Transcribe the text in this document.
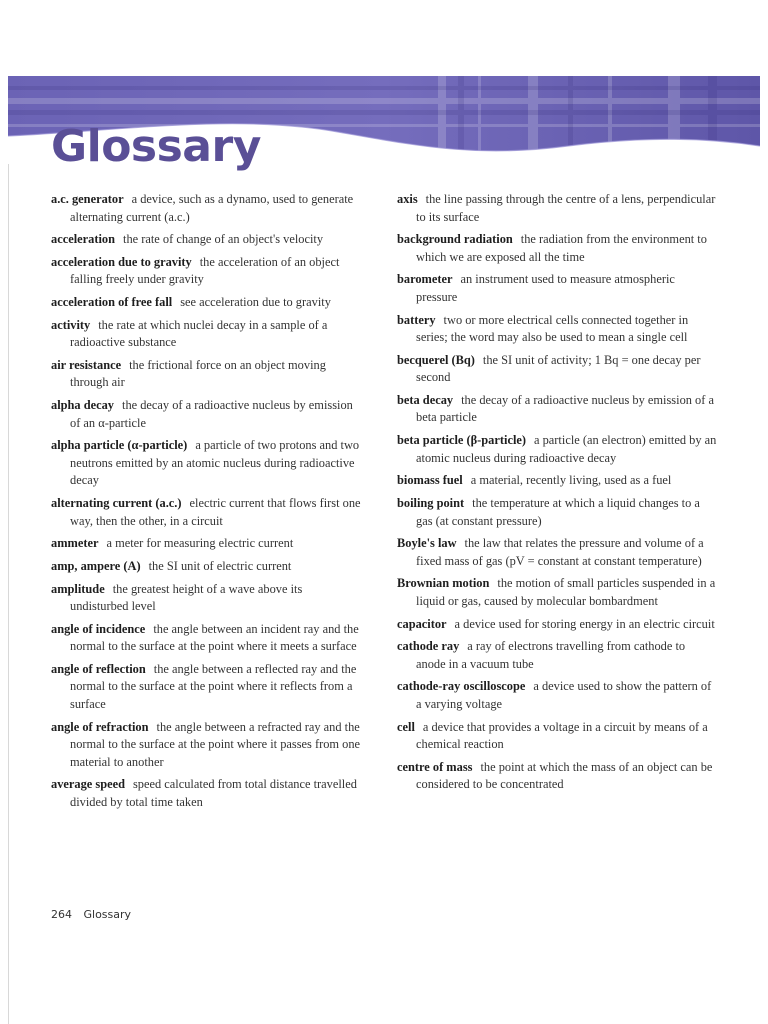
Glossary

a.c. generator a device, such as a dynamo, used to generate alternating current (a.c.)

acceleration the rate of change of an object's velocity

acceleration due to gravity the acceleration of an object falling freely under gravity

acceleration of free fall see acceleration due to gravity

activity the rate at which nuclei decay in a sample of a radioactive substance

air resistance the frictional force on an object moving through air

alpha decay the decay of a radioactive nucleus by emission of an α-particle

alpha particle (α-particle) a particle of two protons and two neutrons emitted by an atomic nucleus during radioactive decay

alternating current (a.c.) electric current that flows first one way, then the other, in a circuit

ammeter a meter for measuring electric current

amp, ampere (A) the SI unit of electric current

amplitude the greatest height of a wave above its undisturbed level

angle of incidence the angle between an incident ray and the normal to the surface at the point where it meets a surface

angle of reflection the angle between a reflected ray and the normal to the surface at the point where it reflects from a surface

angle of refraction the angle between a refracted ray and the normal to the surface at the point where it passes from one material to another

average speed speed calculated from total distance travelled divided by total time taken

axis the line passing through the centre of a lens, perpendicular to its surface

background radiation the radiation from the environment to which we are exposed all the time

barometer an instrument used to measure atmospheric pressure

battery two or more electrical cells connected together in series; the word may also be used to mean a single cell

becquerel (Bq) the SI unit of activity; 1 Bq = one decay per second

beta decay the decay of a radioactive nucleus by emission of a beta particle

beta particle (β-particle) a particle (an electron) emitted by an atomic nucleus during radioactive decay

biomass fuel a material, recently living, used as a fuel

boiling point the temperature at which a liquid changes to a gas (at constant pressure)

Boyle's law the law that relates the pressure and volume of a fixed mass of gas (pV = constant at constant temperature)

Brownian motion the motion of small particles suspended in a liquid or gas, caused by molecular bombardment

capacitor a device used for storing energy in an electric circuit

cathode ray a ray of electrons travelling from cathode to anode in a vacuum tube

cathode-ray oscilloscope a device used to show the pattern of a varying voltage

cell a device that provides a voltage in a circuit by means of a chemical reaction

centre of mass the point at which the mass of an object can be considered to be concentrated

264 Glossary
